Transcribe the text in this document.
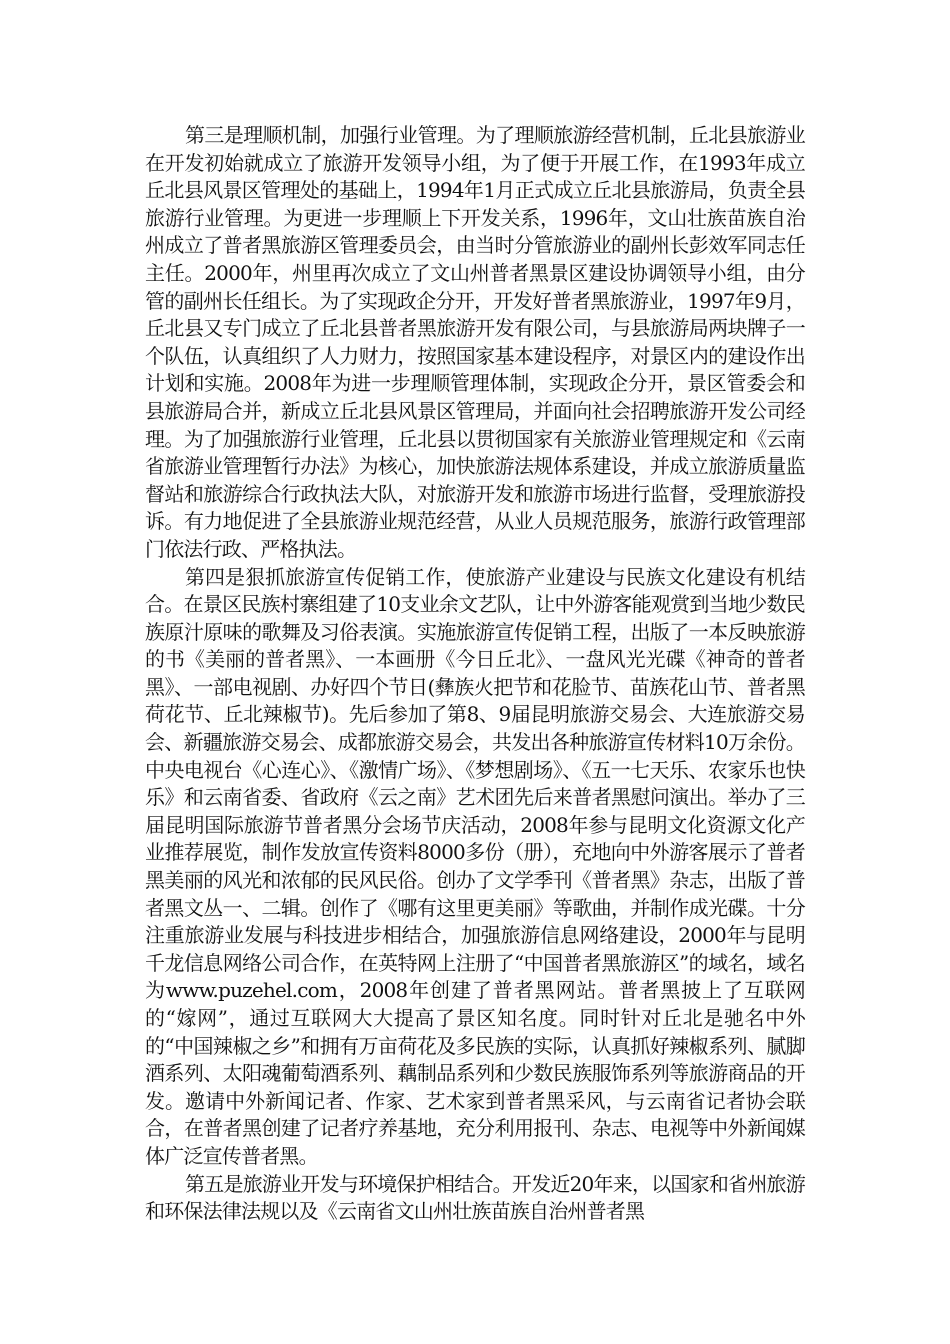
第三是理顺机制，加强行业管理。为了理顺旅游经营机制，丘北县旅游业在开发初始就成立了旅游开发领导小组，为了便于开展工作，在1993年成立丘北县风景区管理处的基础上，1994年1月正式成立丘北县旅游局，负责全县旅游行业管理。为更进一步理顺上下开发关系，1996年，文山壮族苗族自治州成立了普者黑旅游区管理委员会，由当时分管旅游业的副州长彭效军同志任主任。2000年，州里再次成立了文山州普者黑景区建设协调领导小组，由分管的副州长任组长。为了实现政企分开，开发好普者黑旅游业，1997年9月，丘北县又专门成立了丘北县普者黑旅游开发有限公司，与县旅游局两块牌子一个队伍，认真组织了人力财力，按照国家基本建设程序，对景区内的建设作出计划和实施。2008年为进一步理顺管理体制，实现政企分开，景区管委会和县旅游局合并，新成立丘北县风景区管理局，并面向社会招聘旅游开发公司经理。为了加强旅游行业管理，丘北县以贯彻国家有关旅游业管理规定和《云南省旅游业管理暂行办法》为核心，加快旅游法规体系建设，并成立旅游质量监督站和旅游综合行政执法大队，对旅游开发和旅游市场进行监督，受理旅游投诉。有力地促进了全县旅游业规范经营，从业人员规范服务，旅游行政管理部门依法行政、严格执法。

第四是狠抓旅游宣传促销工作，使旅游产业建设与民族文化建设有机结合。在景区民族村寨组建了10支业余文艺队，让中外游客能观赏到当地少数民族原汁原味的歌舞及习俗表演。实施旅游宣传促销工程，出版了一本反映旅游的书《美丽的普者黑》、一本画册《今日丘北》、一盘风光光碟《神奇的普者黑》、一部电视剧、办好四个节日(彝族火把节和花脸节、苗族花山节、普者黑荷花节、丘北辣椒节)。先后参加了第8、9届昆明旅游交易会、大连旅游交易会、新疆旅游交易会、成都旅游交易会，共发出各种旅游宣传材料10万余份。中央电视台《心连心》、《激情广场》、《梦想剧场》、《五一七天乐、农家乐也快乐》和云南省委、省政府《云之南》艺术团先后来普者黑慰问演出。举办了三届昆明国际旅游节普者黑分会场节庆活动，2008年参与昆明文化资源文化产业推荐展览，制作发放宣传资料8000多份（册），充地向中外游客展示了普者黑美丽的风光和浓郁的民风民俗。创办了文学季刊《普者黑》杂志，出版了普者黑文丛一、二辑。创作了《哪有这里更美丽》等歌曲，并制作成光碟。十分注重旅游业发展与科技进步相结合，加强旅游信息网络建设，2000年与昆明千龙信息网络公司合作，在英特网上注册了“中国普者黑旅游区”的域名，域名为www.puzehel.com，2008年创建了普者黑网站。普者黑披上了互联网的“嫁网”，通过互联网大大提高了景区知名度。同时针对丘北是驰名中外的“中国辣椒之乡”和拥有万亩荷花及多民族的实际，认真抓好辣椒系列、腻脚酒系列、太阳魂葡萄酒系列、藕制品系列和少数民族服饰系列等旅游商品的开发。邀请中外新闻记者、作家、艺术家到普者黑采风，与云南省记者协会联合，在普者黑创建了记者疗养基地，充分利用报刊、杂志、电视等中外新闻媒体广泛宣传普者黑。

第五是旅游业开发与环境保护相结合。开发近20年来，以国家和省州旅游和环保法律法规以及《云南省文山州壮族苗族自治州普者黑
